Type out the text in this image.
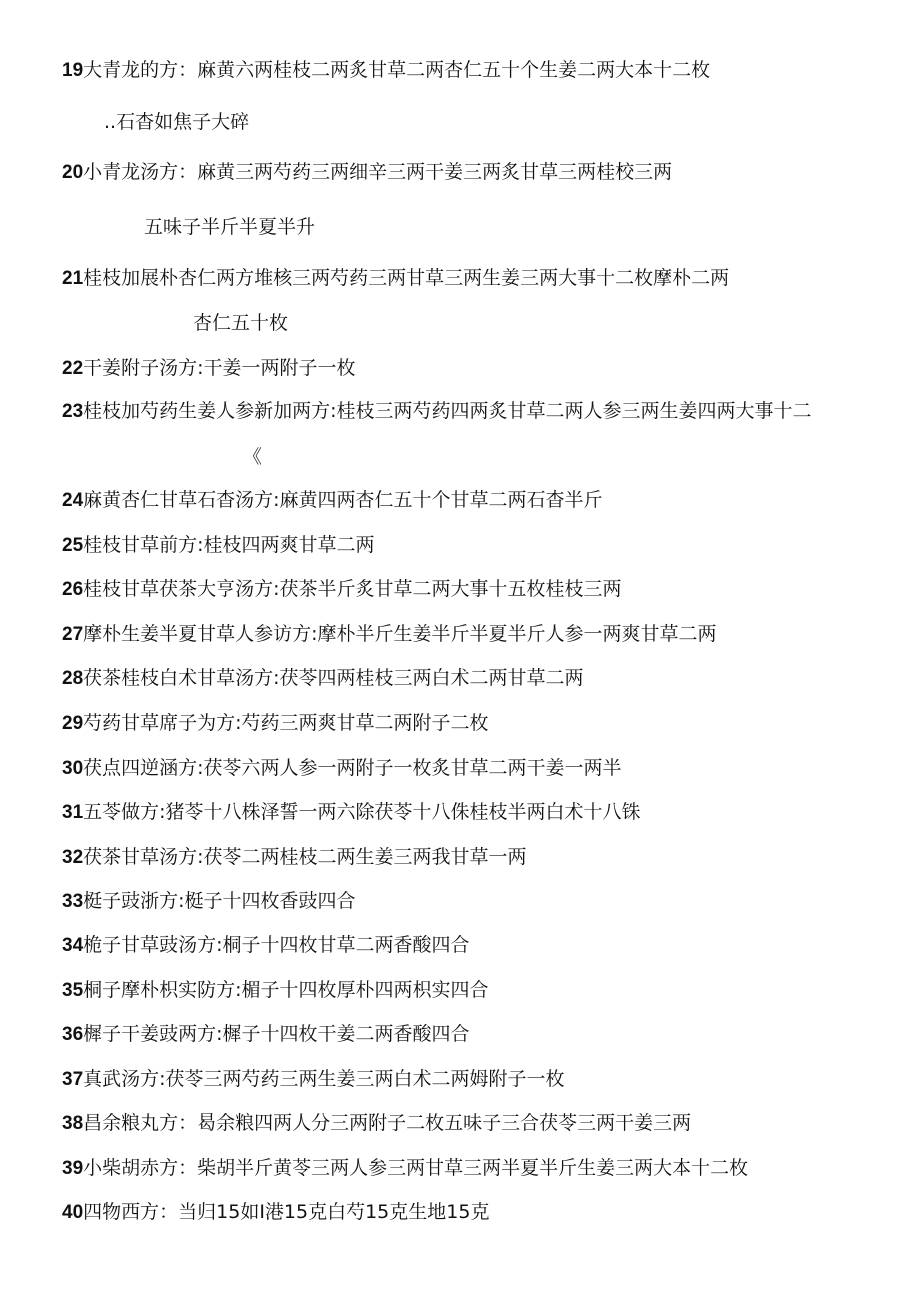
19大青龙的方：麻黄六两桂枝二两炙甘草二两杏仁五十个生姜二两大本十二枚
..石杳如焦子大碎
20小青龙汤方：麻黄三两芍药三两细辛三两干姜三两炙甘草三两桂校三两
五味子半斤半夏半升
21桂枝加展朴杏仁两方堆核三两芍药三两甘草三两生姜三两大事十二枚摩朴二两
杏仁五十枚
22干姜附子汤方:干姜一两附子一枚
23桂枝加芍药生姜人参新加两方:桂枝三两芍药四两炙甘草二两人参三两生姜四两大事十二
《
24麻黄杏仁甘草石杳汤方:麻黄四两杏仁五十个甘草二两石杳半斤
25桂枝甘草前方:桂枝四两爽甘草二两
26桂枝甘草茯茶大亨汤方:茯茶半斤炙甘草二两大事十五枚桂枝三两
27摩朴生姜半夏甘草人参访方:摩朴半斤生姜半斤半夏半斤人参一两爽甘草二两
28茯茶桂枝白术甘草汤方:茯苓四两桂枝三两白术二两甘草二两
29芍药甘草席子为方:芍药三两爽甘草二两附子二枚
30茯点四逆涵方:茯苓六两人参一两附子一枚炙甘草二两干姜一两半
31五苓做方:猪苓十八株泽誓一两六除茯苓十八侏桂枝半两白术十八铢
32茯茶甘草汤方:茯苓二两桂枝二两生姜三两我甘草一两
33梃子豉浙方:梃子十四枚香豉四合
34桅子甘草豉汤方:桐子十四枚甘草二两香酸四合
35桐子摩朴枳实防方:楣子十四枚厚朴四两枳实四合
36樨子干姜豉两方:樨子十四枚干姜二两香酸四合
37真武汤方:茯苓三两芍药三两生姜三两白术二两姆附子一枚
38昌余粮丸方：曷余粮四两人分三两附子二枚五味子三合茯苓三两干姜三两
39小柴胡赤方：柴胡半斤黄苓三两人参三两甘草三两半夏半斤生姜三两大本十二枚
40四物西方：当归15如I港15克白芍15克生地15克
